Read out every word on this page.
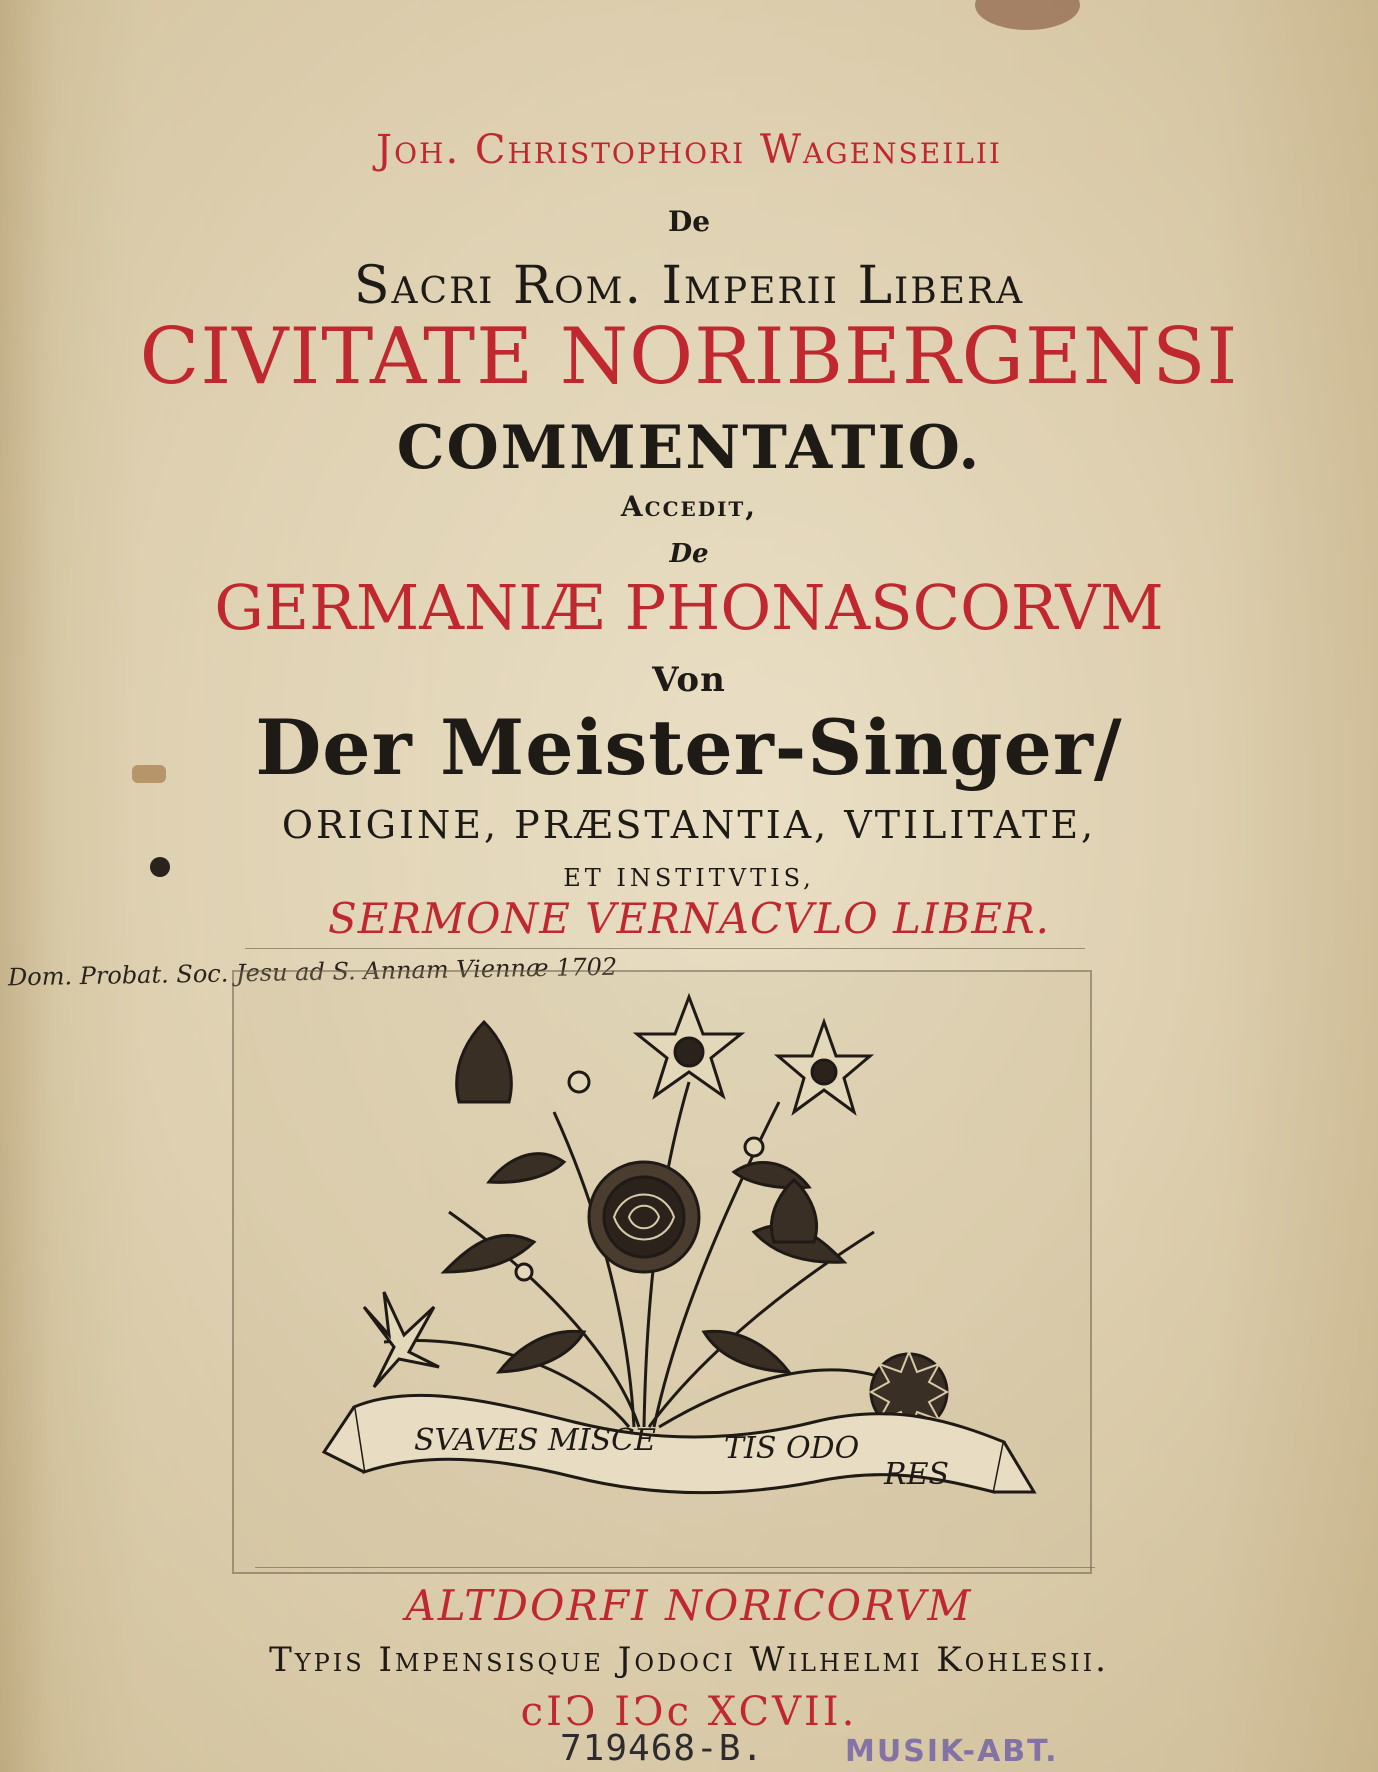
Joh. Christophori Wagenseilii
De
Sacri Rom. Imperii Libera
CIVITATE NORIBERGENSI
COMMENTATIO.
Accedit,
De
GERMANIÆ PHONASCORVM
Von
Der Meister-Singer/
ORIGINE, PRÆSTANTIA, VTILITATE,
ET INSTITVTIS,
SERMONE VERNACVLO LIBER.
Dom. Probat. Soc. Jesu ad S. Annam Viennæ 1702
SVAVES MISCE TIS ODO
RES
ALTDORFI NORICORVM
Typis Impensisque Jodoci Wilhelmi Kohlesii.
cIↃ IↃc XCVII.
719468-B.	MUSIK-ABT.
